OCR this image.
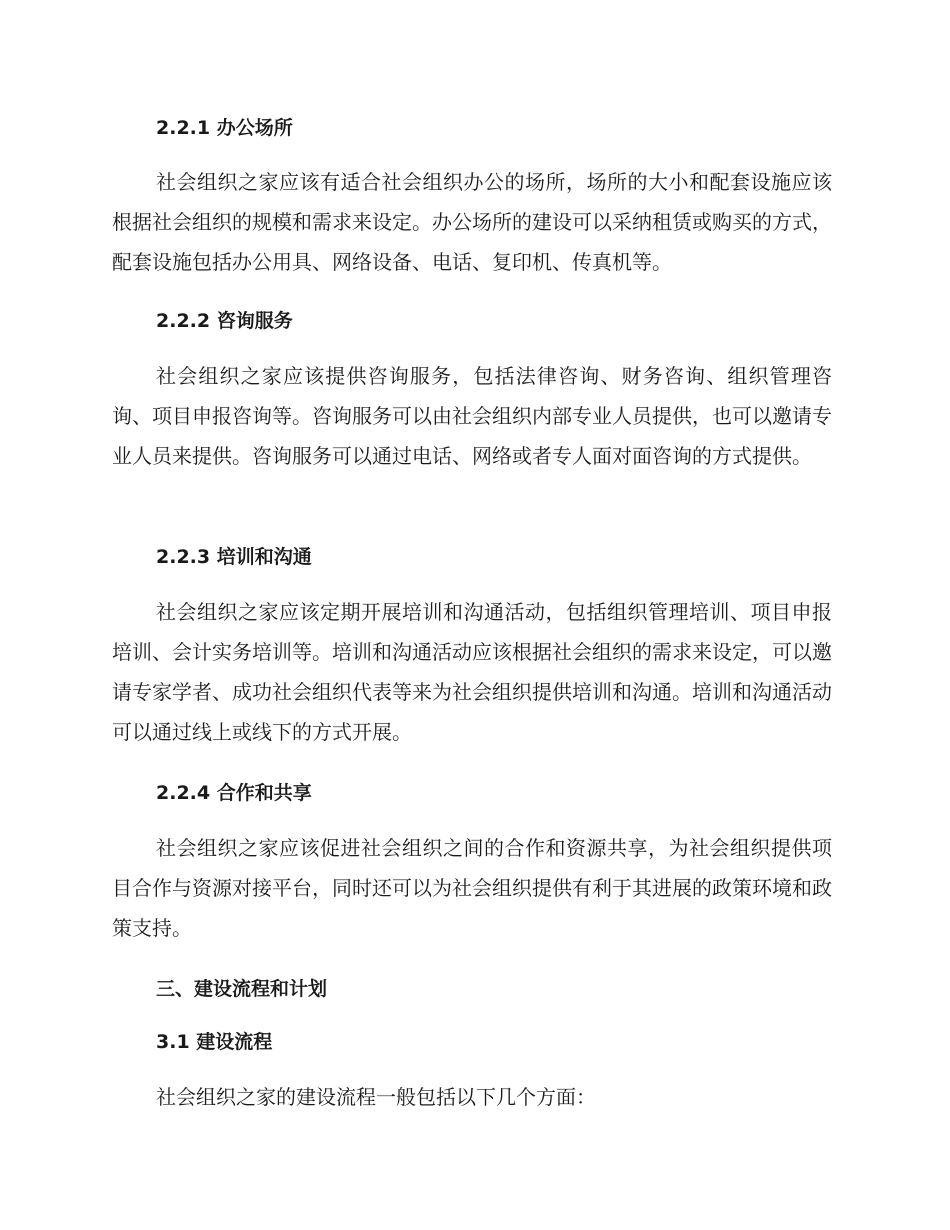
2.2.1 办公场所

社会组织之家应该有适合社会组织办公的场所，场所的大小和配套设施应该根据社会组织的规模和需求来设定。办公场所的建设可以采纳租赁或购买的方式，配套设施包括办公用具、网络设备、电话、复印机、传真机等。

2.2.2 咨询服务

社会组织之家应该提供咨询服务，包括法律咨询、财务咨询、组织管理咨询、项目申报咨询等。咨询服务可以由社会组织内部专业人员提供，也可以邀请专业人员来提供。咨询服务可以通过电话、网络或者专人面对面咨询的方式提供。

2.2.3 培训和沟通

社会组织之家应该定期开展培训和沟通活动，包括组织管理培训、项目申报培训、会计实务培训等。培训和沟通活动应该根据社会组织的需求来设定，可以邀请专家学者、成功社会组织代表等来为社会组织提供培训和沟通。培训和沟通活动可以通过线上或线下的方式开展。

2.2.4 合作和共享

社会组织之家应该促进社会组织之间的合作和资源共享，为社会组织提供项目合作与资源对接平台，同时还可以为社会组织提供有利于其进展的政策环境和政策支持。

三、建设流程和计划

3.1 建设流程

社会组织之家的建设流程一般包括以下几个方面：
